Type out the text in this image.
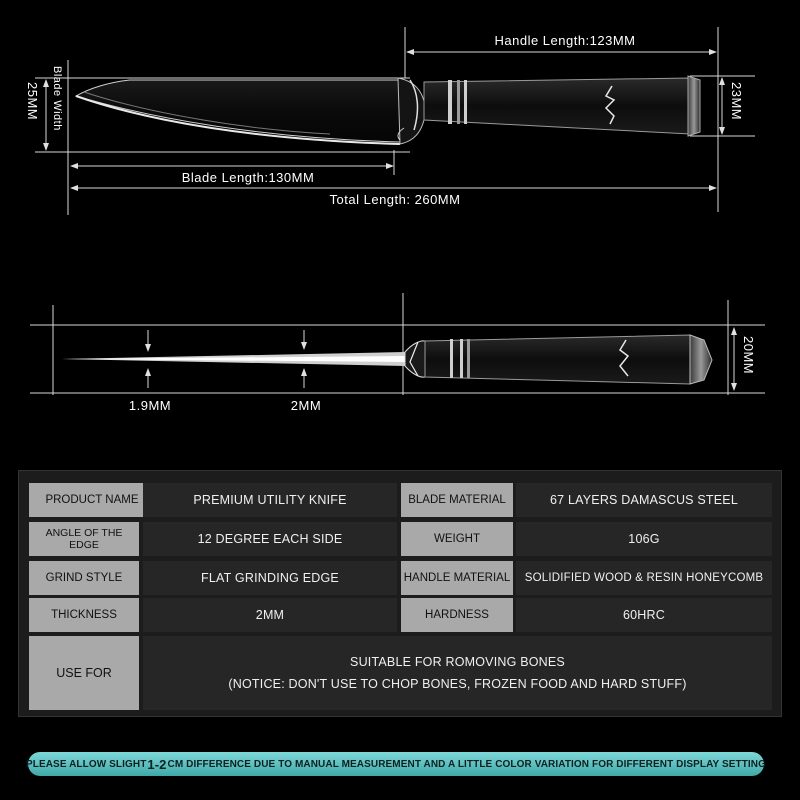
Handle Length:123MM
Blade Width
25MM	23MM
Blade Length:130MM
Total Length: 260MM
1.9MM	2MM
20MM
PRODUCT NAME	PREMIUM UTILITY KNIFE	BLADE MATERIAL	67 LAYERS DAMASCUS STEEL
ANGLE OF THE EDGE	12 DEGREE EACH SIDE	WEIGHT	106G
GRIND STYLE	FLAT GRINDING EDGE	HANDLE MATERIAL	SOLIDIFIED WOOD & RESIN HONEYCOMB
THICKNESS	2MM	HARDNESS	60HRC
USE FOR
SUITABLE FOR ROMOVING BONES
(NOTICE: DON'T USE TO CHOP BONES, FROZEN FOOD AND HARD STUFF)
PLEASE ALLOW SLIGHT 1-2 CM DIFFERENCE DUE TO MANUAL MEASUREMENT AND A LITTLE COLOR VARIATION FOR DIFFERENT DISPLAY SETTING
